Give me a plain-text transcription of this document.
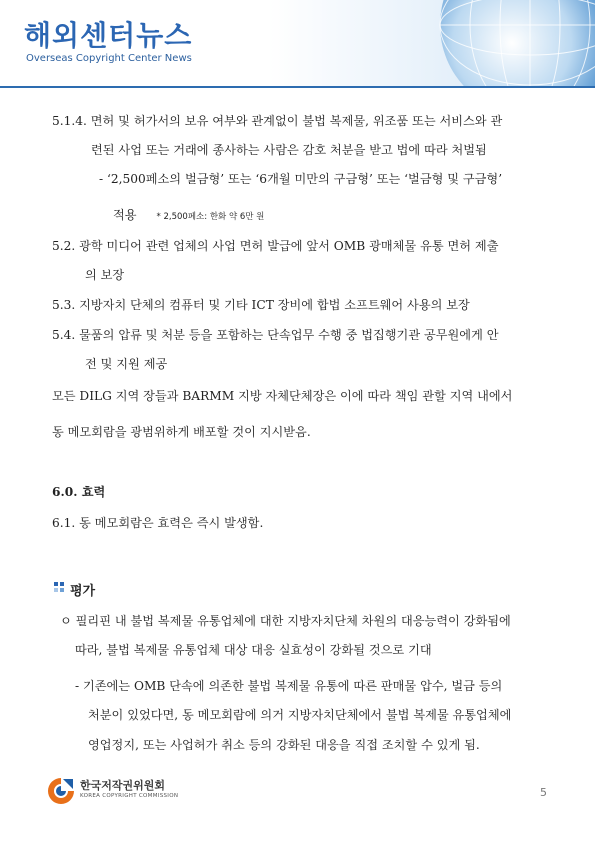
해외센터뉴스
Overseas Copyright Center News
5.1.4. 면허 및 허가서의 보유 여부와 관계없이 불법 복제물, 위조품 또는 서비스와 관
련된 사업 또는 거래에 종사하는 사람은 감호 처분을 받고 법에 따라 처벌됨
- ‘2,500페소의 벌금형’ 또는 ‘6개월 미만의 구금형’ 또는 ‘벌금형 및 구금형’
적용 * 2,500페소: 한화 약 6만 원
5.2. 광학 미디어 관련 업체의 사업 면허 발급에 앞서 OMB 광매체물 유통 면허 제출
의 보장
5.3. 지방자치 단체의 컴퓨터 및 기타 ICT 장비에 합법 소프트웨어 사용의 보장
5.4. 물품의 압류 및 처분 등을 포함하는 단속업무 수행 중 법집행기관 공무원에게 안
전 및 지원 제공
모든 DILG 지역 장들과 BARMM 지방 자체단체장은 이에 따라 책임 관할 지역 내에서
동 메모회람을 광범위하게 배포할 것이 지시받음.
6.0. 효력
6.1. 동 메모회람은 효력은 즉시 발생함.
평가
ㅇ 필리핀 내 불법 복제물 유통업체에 대한 지방자치단체 차원의 대응능력이 강화됨에
따라, 불법 복제물 유통업체 대상 대응 실효성이 강화될 것으로 기대
- 기존에는 OMB 단속에 의존한 불법 복제물 유통에 따른 판매물 압수, 벌금 등의
처분이 있었다면, 동 메모회람에 의거 지방자치단체에서 불법 복제물 유통업체에
영업정지, 또는 사업허가 취소 등의 강화된 대응을 직접 조치할 수 있게 됨.
한국저작권위원회
KOREA COPYRIGHT COMMISSION	5
